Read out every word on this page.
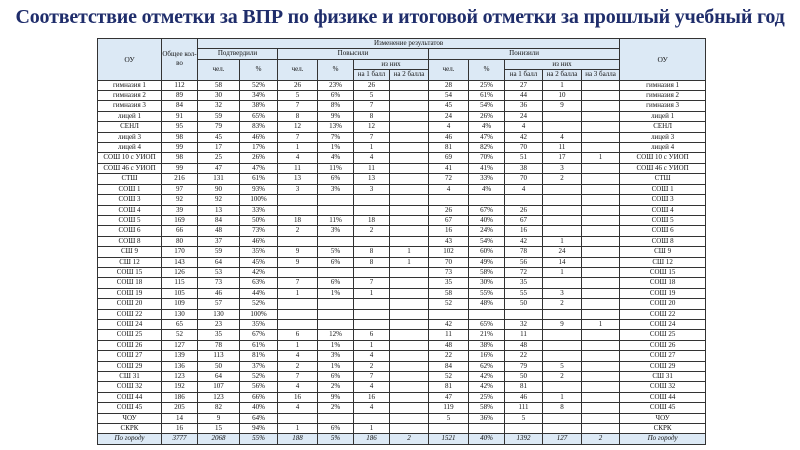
Соответствие отметки за ВПР по физике и итоговой отметки за прошлый учебный год
ОУ	Общее кол-во	Изменение результатов											ОУ
		Подтвердили		Повысили				Понизили					
		чел.	%	чел.	%	из них		чел.	%	из них			
						на 1 балл	на 2 балла			на 1 балл	на 2 балла	на 3 балла	
гимназия 1	112	58	52%	26	23%	26		28	25%	27	1		гимназия 1
гимназия 2	89	30	34%	5	6%	5		54	61%	44	10		гимназия 2
гимназия 3	84	32	38%	7	8%	7		45	54%	36	9		гимназия 3
лицей 1	91	59	65%	8	9%	8		24	26%	24			лицей 1
СЕНЛ	95	79	83%	12	13%	12		4	4%	4			СЕНЛ
лицей 3	98	45	46%	7	7%	7		46	47%	42	4		лицей 3
лицей 4	99	17	17%	1	1%	1		81	82%	70	11		лицей 4
СОШ 10 с УИОП	98	25	26%	4	4%	4		69	70%	51	17	1	СОШ 10 с УИОП
СОШ 46 с УИОП	99	47	47%	11	11%	11		41	41%	38	3		СОШ 46 с УИОП
СТШ	216	131	61%	13	6%	13		72	33%	70	2		СТШ
СОШ 1	97	90	93%	3	3%	3		4	4%	4			СОШ 1
СОШ 3	92	92	100%										СОШ 3
СОШ 4	39	13	33%					26	67%	26			СОШ 4
СОШ 5	169	84	50%	18	11%	18		67	40%	67			СОШ 5
СОШ 6	66	48	73%	2	3%	2		16	24%	16			СОШ 6
СОШ 8	80	37	46%					43	54%	42	1		СОШ 8
СШ 9	170	59	35%	9	5%	8	1	102	60%	78	24		СШ 9
СШ 12	143	64	45%	9	6%	8	1	70	49%	56	14		СШ 12
СОШ 15	126	53	42%					73	58%	72	1		СОШ 15
СОШ 18	115	73	63%	7	6%	7		35	30%	35			СОШ 18
СОШ 19	105	46	44%	1	1%	1		58	55%	55	3		СОШ 19
СОШ 20	109	57	52%					52	48%	50	2		СОШ 20
СОШ 22	130	130	100%										СОШ 22
СОШ 24	65	23	35%					42	65%	32	9	1	СОШ 24
СОШ 25	52	35	67%	6	12%	6		11	21%	11			СОШ 25
СОШ 26	127	78	61%	1	1%	1		48	38%	48			СОШ 26
СОШ 27	139	113	81%	4	3%	4		22	16%	22			СОШ 27
СОШ 29	136	50	37%	2	1%	2		84	62%	79	5		СОШ 29
СШ 31	123	64	52%	7	6%	7		52	42%	50	2		СШ 31
СОШ 32	192	107	56%	4	2%	4		81	42%	81			СОШ 32
СОШ 44	186	123	66%	16	9%	16		47	25%	46	1		СОШ 44
СОШ 45	205	82	40%	4	2%	4		119	58%	111	8		СОШ 45
ЧОУ	14	9	64%					5	36%	5			ЧОУ
СКРК	16	15	94%	1	6%	1							СКРК
По городу	3777	2068	55%	188	5%	186	2	1521	40%	1392	127	2	По городу
